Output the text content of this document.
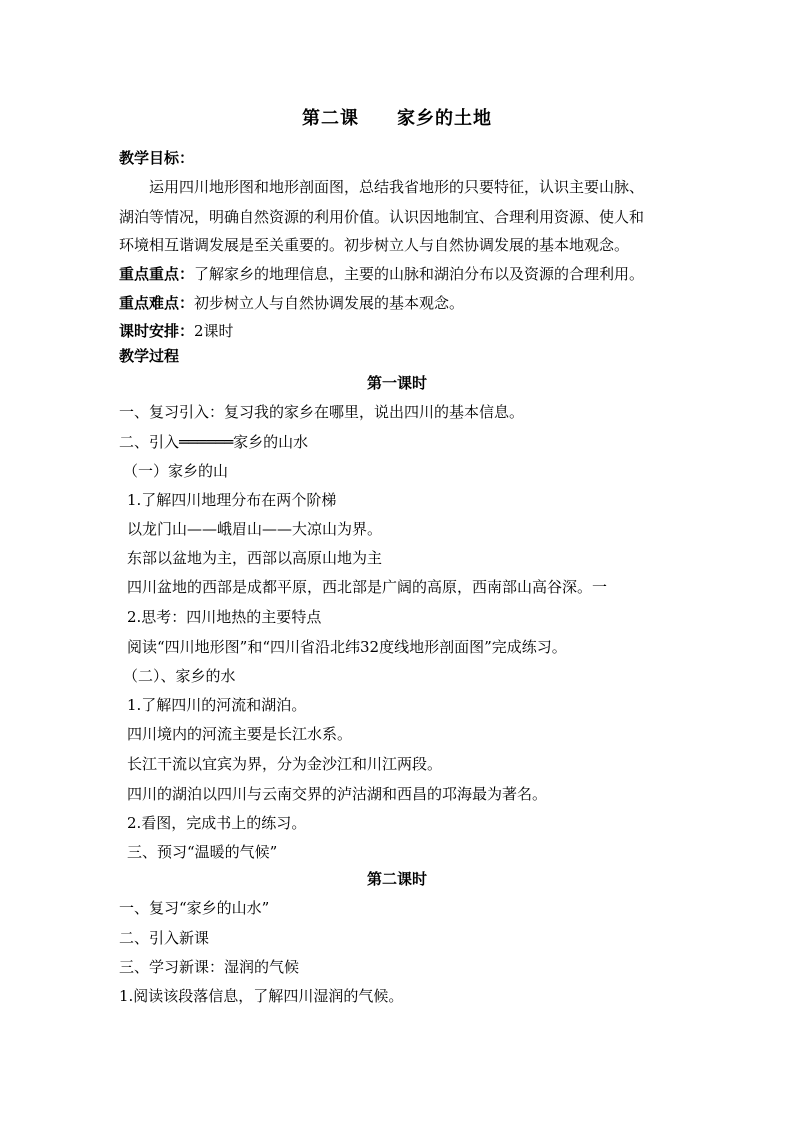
第二课　　家乡的土地
教学目标：
运用四川地形图和地形剖面图，总结我省地形的只要特征，认识主要山脉、
湖泊等情况，明确自然资源的利用价值。认识因地制宜、合理利用资源、使人和
环境相互谐调发展是至关重要的。初步树立人与自然协调发展的基本地观念。
重点重点：了解家乡的地理信息，主要的山脉和湖泊分布以及资源的合理利用。
重点难点：初步树立人与自然协调发展的基本观念。
课时安排：2课时
教学过程
第一课时
一、复习引入：复习我的家乡在哪里，说出四川的基本信息。
二、引入══════家乡的山水
（一）家乡的山
1.了解四川地理分布在两个阶梯
以龙门山——峨眉山——大凉山为界。
东部以盆地为主，西部以高原山地为主
四川盆地的西部是成都平原，西北部是广阔的高原，西南部山高谷深。一
2.思考：四川地热的主要特点
阅读“四川地形图”和“四川省沿北纬32度线地形剖面图”完成练习。
（二）、家乡的水
1.了解四川的河流和湖泊。
四川境内的河流主要是长江水系。
长江干流以宜宾为界，分为金沙江和川江两段。
四川的湖泊以四川与云南交界的泸沽湖和西昌的邛海最为著名。
2.看图，完成书上的练习。
三、预习“温暖的气候”
第二课时
一、复习“家乡的山水”
二、引入新课
三、学习新课：湿润的气候
1.阅读该段落信息，了解四川湿润的气候。
